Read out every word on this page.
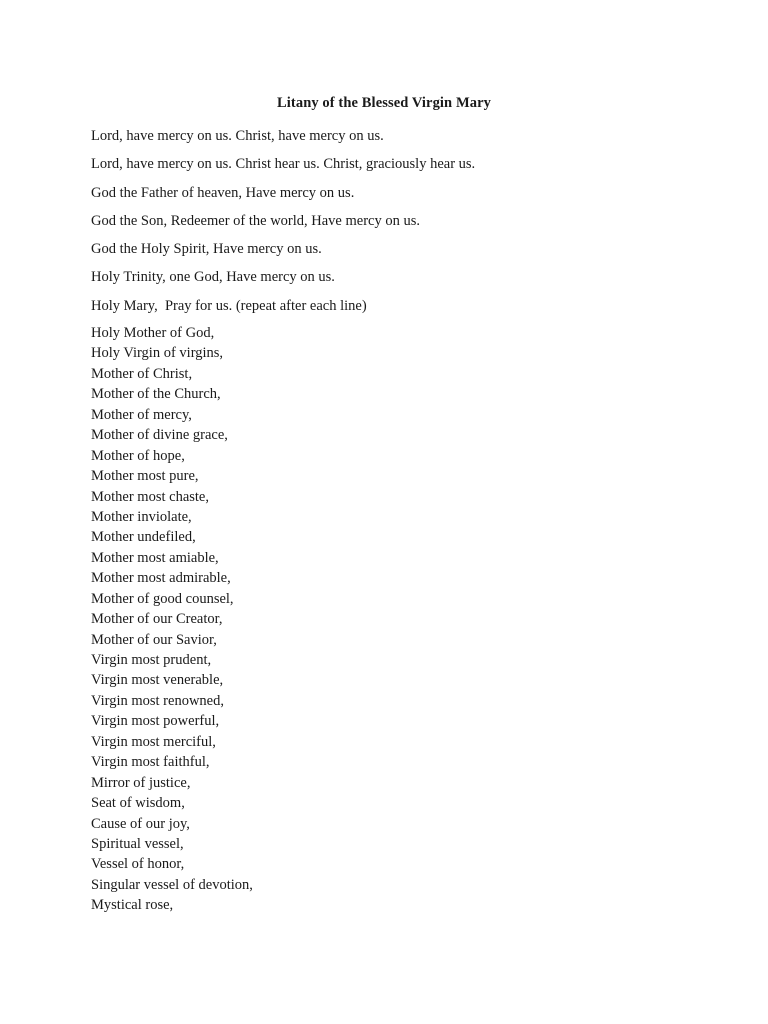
Litany of the Blessed Virgin Mary

Lord, have mercy on us. Christ, have mercy on us.

Lord, have mercy on us. Christ hear us. Christ, graciously hear us.

God the Father of heaven, Have mercy on us.

God the Son, Redeemer of the world, Have mercy on us.

God the Holy Spirit, Have mercy on us.

Holy Trinity, one God, Have mercy on us.

Holy Mary,  Pray for us. (repeat after each line)

Holy Mother of God,
Holy Virgin of virgins,
Mother of Christ,
Mother of the Church,
Mother of mercy,
Mother of divine grace,
Mother of hope,
Mother most pure,
Mother most chaste,
Mother inviolate,
Mother undefiled,
Mother most amiable,
Mother most admirable,
Mother of good counsel,
Mother of our Creator,
Mother of our Savior,
Virgin most prudent,
Virgin most venerable,
Virgin most renowned,
Virgin most powerful,
Virgin most merciful,
Virgin most faithful,
Mirror of justice,
Seat of wisdom,
Cause of our joy,
Spiritual vessel,
Vessel of honor,
Singular vessel of devotion,
Mystical rose,
